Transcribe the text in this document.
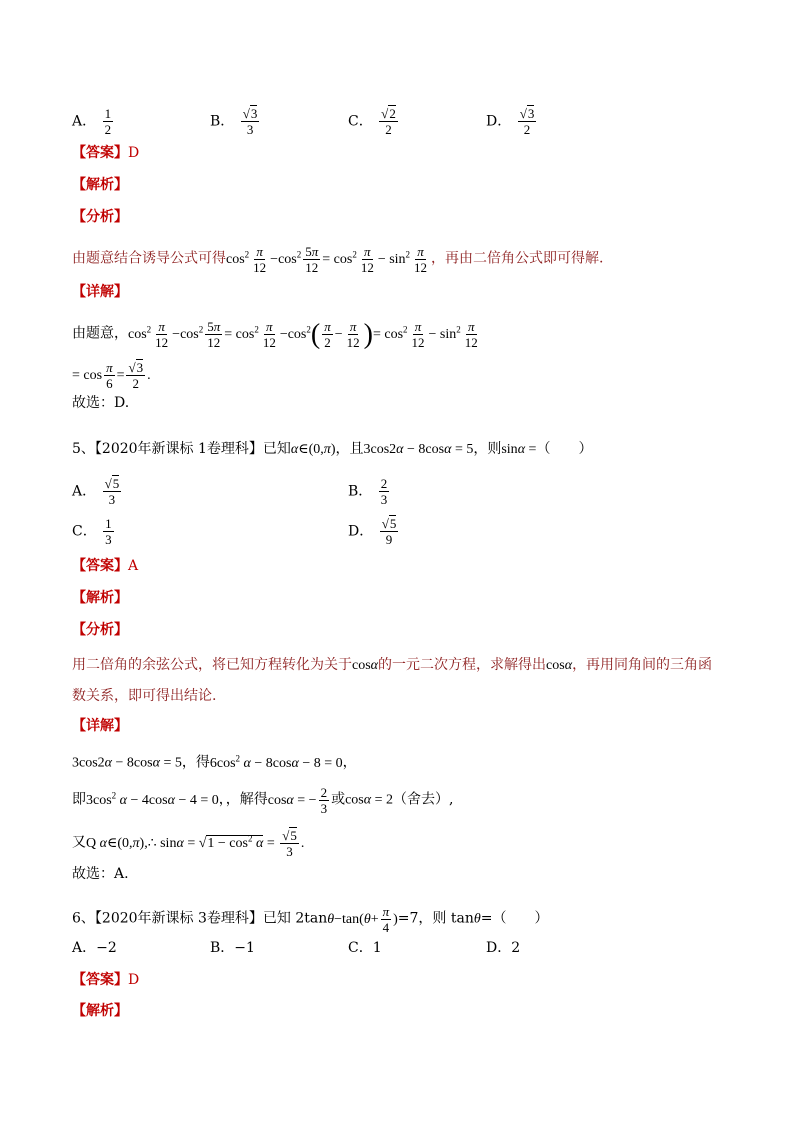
A． $\frac{1}{2}$	B． $\frac{√3}{3}$	C． $\frac{√2}{2}$	D． $\frac{√3}{2}$
【答案】D
【解析】
【分析】
由题意结合诱导公式可得$\cos^2 \frac{\pi}{12} -\cos^2 \frac{5\pi}{12} = \cos^2 \frac{\pi}{12} - \sin^2 \frac{\pi}{12}$ ，再由二倍角公式即可得解.
【详解】
由题意，$\cos^2 \frac{\pi}{12} -\cos^2 \frac{5\pi}{12} = \cos^2 \frac{\pi}{12} -\cos^2( \frac{\pi}{2} - \frac{\pi}{12}$ )= $\cos^2 \frac{\pi}{12} - \sin^2 \frac{\pi}{12}$
= $\cos \frac{\pi}{6} = \frac{√3}{2}$ .
故选：D.
5、【2020年新课标 1卷理科】已知α∈(0,π)，且3cos2α − 8cosα = 5，则sinα =（　　）
A． $\frac{√5}{3}$	B． $\frac{2}{3}$
C． $\frac{1}{3}$	D． $\frac{√5}{9}$
【答案】A
【解析】
【分析】
用二倍角的余弦公式，将已知方程转化为关于cosα的一元二次方程，求解得出cosα，再用同角间的三角函
数关系，即可得出结论.
【详解】
3cos2α − 8cosα = 5，得$6\cos^2$ α − 8cosα − 8 = 0，
即$3\cos^2$ α − 4cosα − 4 = 0，，解得cosα = − $\frac{2}{3}$ 或cosα = 2（舍去）,
又Q α∈(0,π),∴ $\sin\alpha = √1 - \cos^2 \alpha = \frac{√5}{3}$ .
故选：A.
6、【2020年新课标 3卷理科】已知 $2\tan\theta-\tan(\theta+ \frac{\pi}{4} )=7$，则 tanθ=（　　）
A．−2	B．−1	C．1	D．2
【答案】D
【解析】
